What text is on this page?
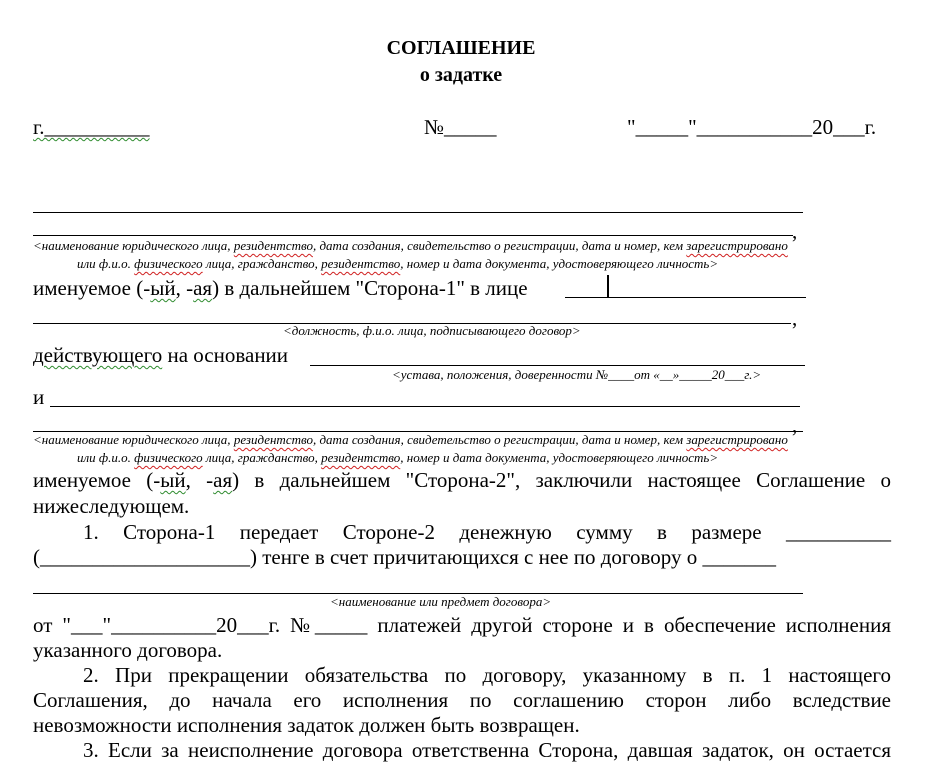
СОГЛАШЕНИЕ
о задатке
г.__________	№_____	"_____"___________20___г.
,
<наименование юридического лица, резидентство, дата создания, свидетельство о регистрации, дата и номер, кем зарегистрировано
или ф.и.о. физического лица, гражданство, резидентство, номер и дата документа, удостоверяющего личность>
именуемое (-ый, -ая) в дальнейшем "Сторона-1" в лице
,
<должность, ф.и.о. лица, подписывающего договор>
действующего на основании
<устава, положения, доверенности №____от «__»_____20___г.>
и
,
<наименование юридического лица, резидентство, дата создания, свидетельство о регистрации, дата и номер, кем зарегистрировано
или ф.и.о. физического лица, гражданство, резидентство, номер и дата документа, удостоверяющего личность>
именуемое (-ый, -ая) в дальнейшем "Сторона-2", заключили настоящее Соглашение о
нижеследующем.
1. Сторона-1 передает Стороне-2 денежную сумму в размере __________
(____________________) тенге в счет причитающихся с нее по договору о _______
<наименование или предмет договора>
от "___"__________20___г. №_____ платежей другой стороне и в обеспечение исполнения
указанного договора.
2. При прекращении обязательства по договору, указанному в п. 1 настоящего
Соглашения, до начала его исполнения по соглашению сторон либо вследствие
невозможности исполнения задаток должен быть возвращен.
3. Если за неисполнение договора ответственна Сторона, давшая задаток, он остается
